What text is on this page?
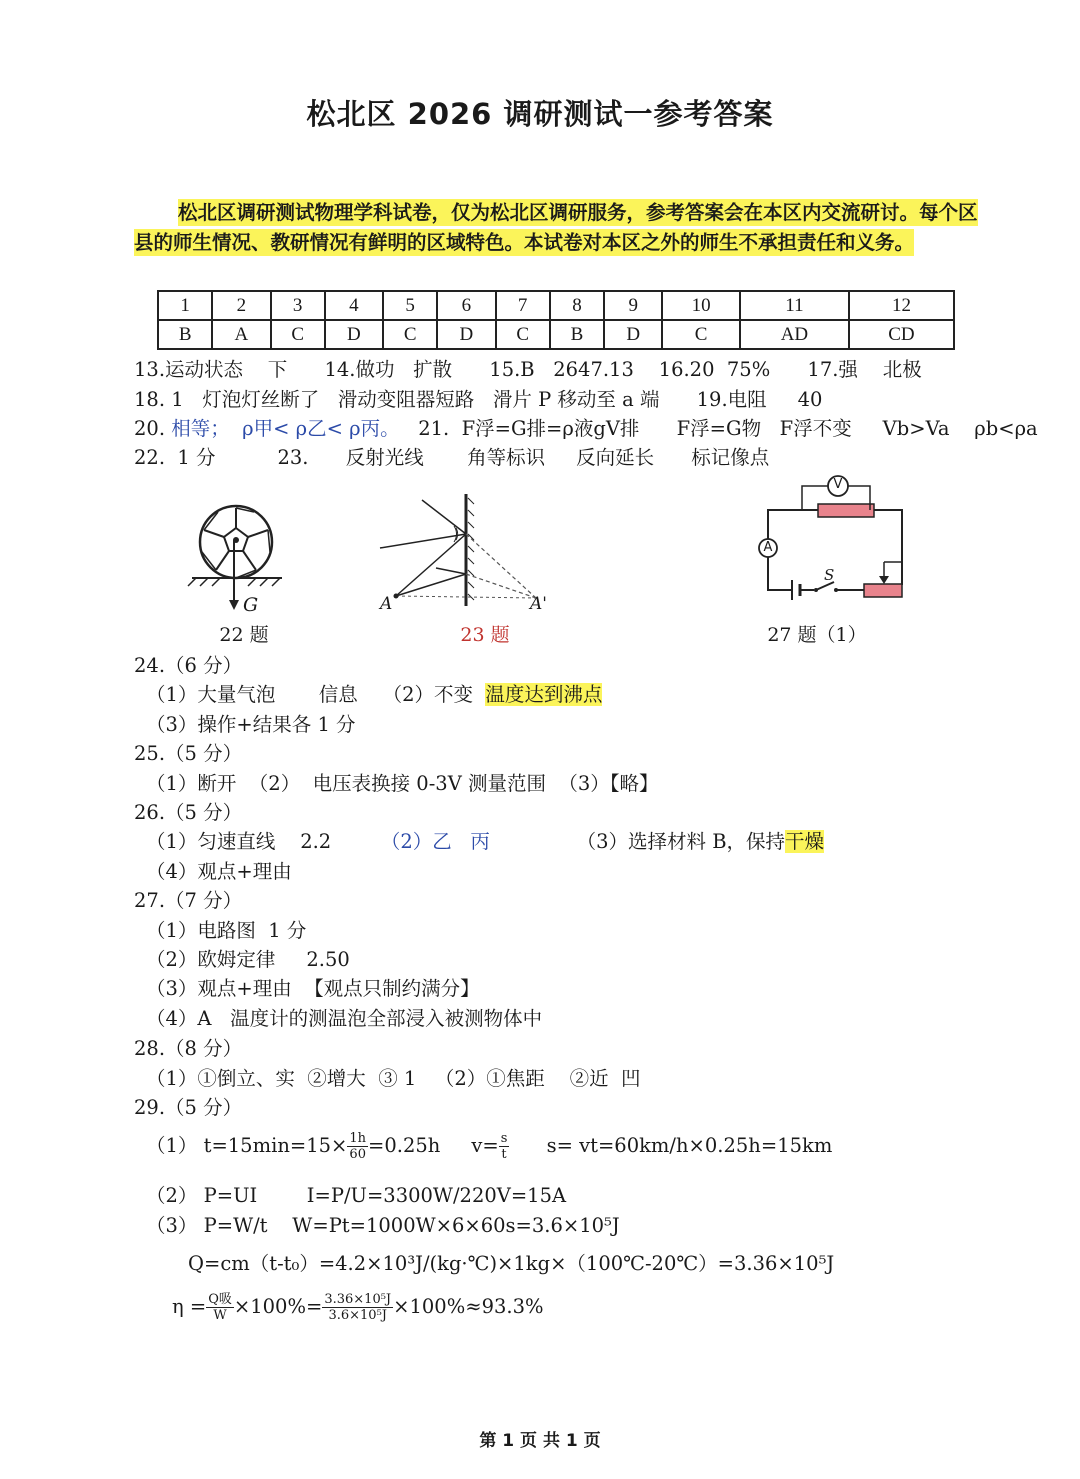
松北区 2026 调研测试一参考答案

松北区调研测试物理学科试卷，仅为松北区调研服务，参考答案会在本区内交流研讨。每个区县的师生情况、教研情况有鲜明的区域特色。本试卷对本区之外的师生不承担责任和义务。

1	2	3	4	5	6	7	8	9	10	11	12
B	A	C	D	C	D	C	B	D	C	AD	CD
13.运动状态    下      14.做功   扩散      15.B   2647.13    16.20  75%      17.强    北极
18. 1   灯泡灯丝断了   滑动变阻器短路   滑片 P 移动至 a 端      19.电阻     40
20. 相等；  ρ甲< ρ乙< ρ丙。   21.  F浮=G排=ρ液gV排      F浮=G物   F浮不变     Vb>Va    ρb<ρa
22.  1 分          23.      反射光线       角等标识     反向延长      标记像点
G
22 题
A	A'
23 题
V
A
S
27 题（1）
24.（6 分）
（1）大量气泡       信息    （2）不变  温度达到沸点
（3）操作+结果各 1 分
25.（5 分）
（1）断开  （2）  电压表换接 0-3V 测量范围  （3）【略】
26.（5 分）
（1）匀速直线    2.2        （2）乙   丙              （3）选择材料 B，保持干燥
（4）观点+理由
27.（7 分）
（1）电路图  1 分
（2）欧姆定律     2.50
（3）观点+理由  【观点只制约满分】
（4）A   温度计的测温泡全部浸入被测物体中
28.（8 分）
（1）①倒立、实  ②增大  ③ 1   （2）①焦距    ②近  凹
29.（5 分）
（1） $t=15\min=15\times \frac{1h}{60} =0.25h$     $v= \frac{s}{t} s= vt=60km/h\times 0.25h=15km$
（2） P=UI        I=P/U=3300W/220V=15A
（3） P=W/t    W=Pt=1000W×6×60s=3.6×10⁵J
Q=cm（t-t₀）=4.2×10³J/(kg·℃)×1kg×（100℃-20℃）=3.36×10⁵J
$\eta = \frac{\text{Q吸}}{W} \times 100\%= \frac{\text{3.36×10⁵J}}{\text{3.6×10⁵J}} \times 100\%\approx 93.3\%$
第 1 页 共 1 页
